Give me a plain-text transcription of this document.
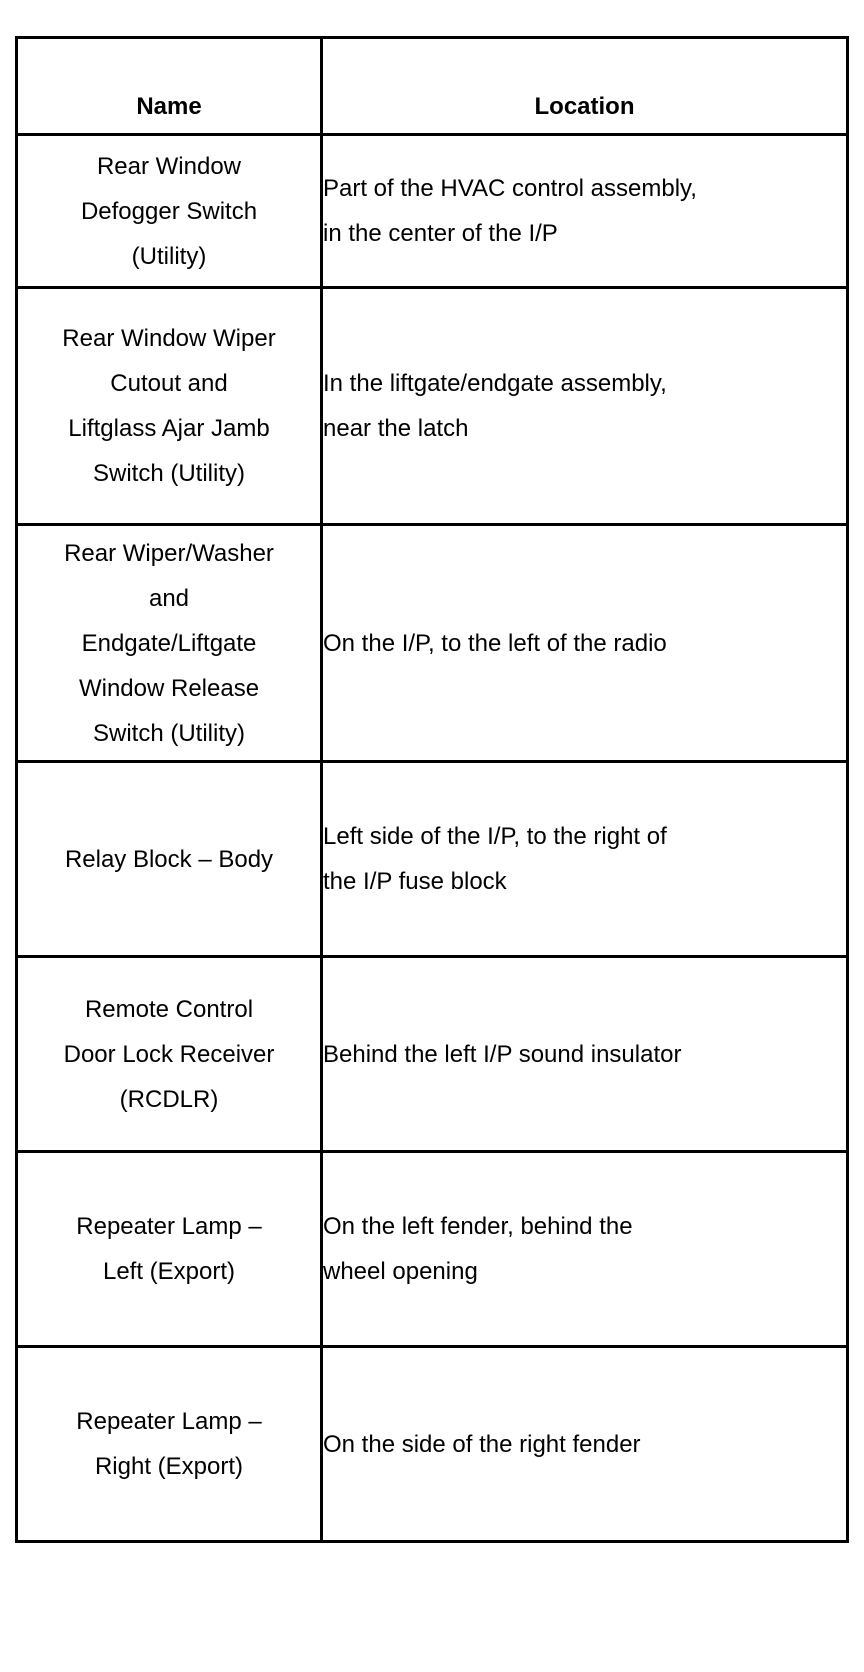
Name	Location

Rear Window
Defogger Switch
(Utility)	Part of the HVAC control assembly,
in the center of the I/P

Rear Window Wiper
Cutout and
Liftglass Ajar Jamb
Switch (Utility)	In the liftgate/endgate assembly,
near the latch

Rear Wiper/Washer
and
Endgate/Liftgate
Window Release
Switch (Utility)	On the I/P, to the left of the radio

Relay Block – Body	Left side of the I/P, to the right of
the I/P fuse block

Remote Control
Door Lock Receiver
(RCDLR)	Behind the left I/P sound insulator

Repeater Lamp –
Left (Export)	On the left fender, behind the
wheel opening

Repeater Lamp –
Right (Export)	On the side of the right fender
